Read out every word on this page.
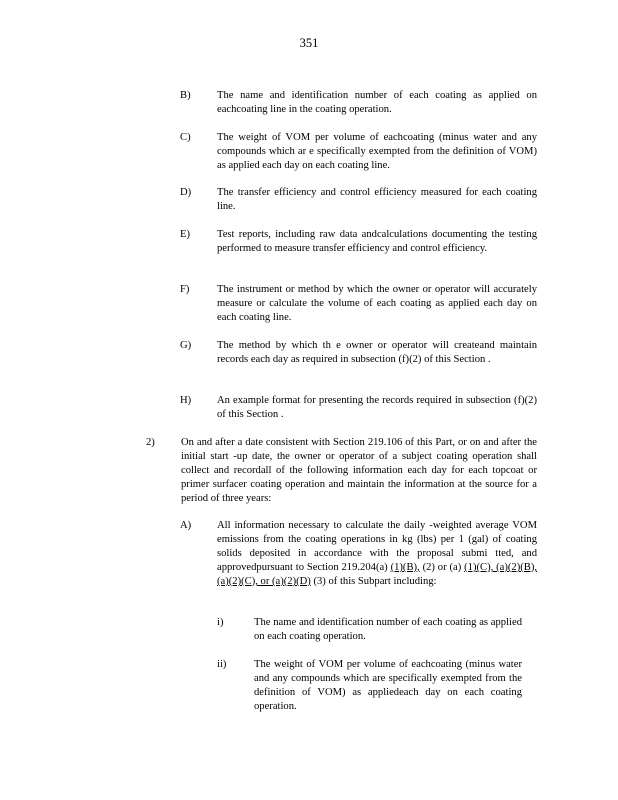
351
B) The name and identification number of each coating as applied on eachcoating line in the coating operation.
C) The weight of VOM per volume of eachcoating (minus water and any compounds which ar e specifically exempted from the definition of VOM) as applied each day on each coating line.
D) The transfer efficiency and control efficiency measured for each coating line.
E)	Test reports, including raw data andcalculations documenting the testing performed to measure transfer efficiency and control efficiency.
F)	The instrument or method by which the owner or operator will accurately measure or calculate the volume of each coating as applied each day on each coating line.
G) The method by which th e owner or operator will createand maintain records each day as required in subsection (f)(2) of this Section .
H) An example format for presenting the records required in subsection (f)(2) of this Section .
2) On and after a date consistent with Section 219.106 of this Part, or on and after the initial start -up date, the owner or operator of a subject coating operation shall collect and recordall of the following information each day for each topcoat or primer surfacer coating operation and maintain the information at the source for a period of three years:
A) All information necessary to calculate the daily -weighted average VOM emissions from the coating operations in kg (lbs) per 1 (gal) of coating solids deposited in accordance with the proposal submi tted, and approvedpursuant to Section 219.204(a) (1)(B), (2) or (a) (1)(C), (a)(2)(B), (a)(2)(C), or (a)(2)(D) (3) of this Subpart including:
i)	The name and identification number of each coating as applied on each coating operation.
ii)	The weight of VOM per volume of eachcoating (minus water and any compounds which are specifically exempted from the definition of VOM) as appliedeach day on each coating operation.
